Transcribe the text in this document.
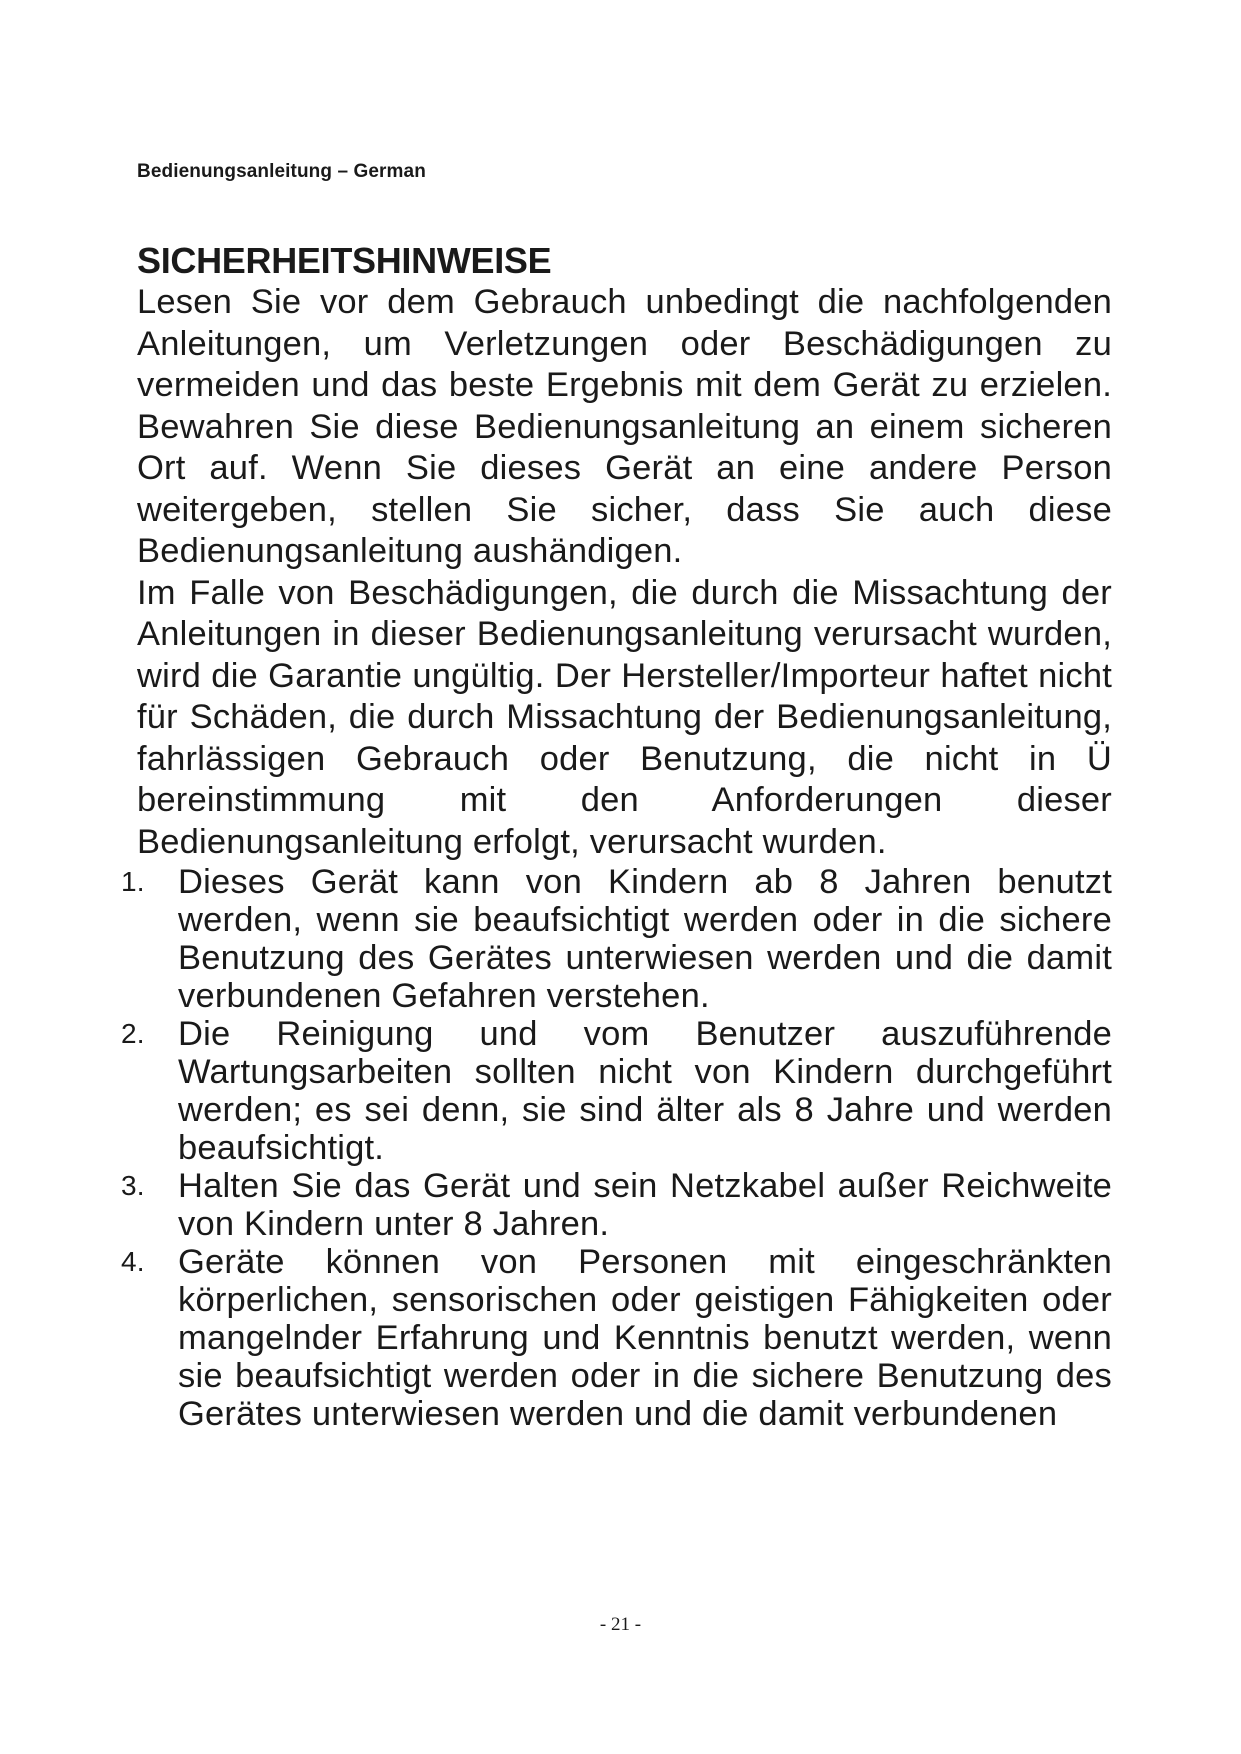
Bedienungsanleitung – German
SICHERHEITSHINWEISE

Lesen Sie vor dem Gebrauch unbedingt die nachfolgenden Anleitungen, um Verletzungen oder Beschädigungen zu vermeiden und das beste Ergebnis mit dem Gerät zu erzielen. Bewahren Sie diese Bedienungsanleitung an einem sicheren Ort auf. Wenn Sie dieses Gerät an eine andere Person weitergeben, stellen Sie sicher, dass Sie auch diese Bedienungsanleitung aushändigen.

Im Falle von Beschädigungen, die durch die Missachtung der Anleitungen in dieser Bedienungsanleitung verursacht wurden, wird die Garantie ungültig. Der Hersteller/Importeur haftet nicht für Schäden, die durch Missachtung der Bedienungsanleitung, fahrlässigen Gebrauch oder Benutzung, die nicht in Ü bereinstimmung mit den Anforderungen dieser Bedienungsanleitung erfolgt, verursacht wurden.

1. Dieses Gerät kann von Kindern ab 8 Jahren benutzt werden, wenn sie beaufsichtigt werden oder in die sichere Benutzung des Gerätes unterwiesen werden und die damit verbundenen Gefahren verstehen.
2. Die Reinigung und vom Benutzer auszuführende Wartungsarbeiten sollten nicht von Kindern durchgeführt werden; es sei denn, sie sind älter als 8 Jahre und werden beaufsichtigt.
3. Halten Sie das Gerät und sein Netzkabel außer Reichweite von Kindern unter 8 Jahren.
4. Geräte können von Personen mit eingeschränkten körperlichen, sensorischen oder geistigen Fähigkeiten oder mangelnder Erfahrung und Kenntnis benutzt werden, wenn sie beaufsichtigt werden oder in die sichere Benutzung des Gerätes unterwiesen werden und die damit verbundenen
- 21 -
